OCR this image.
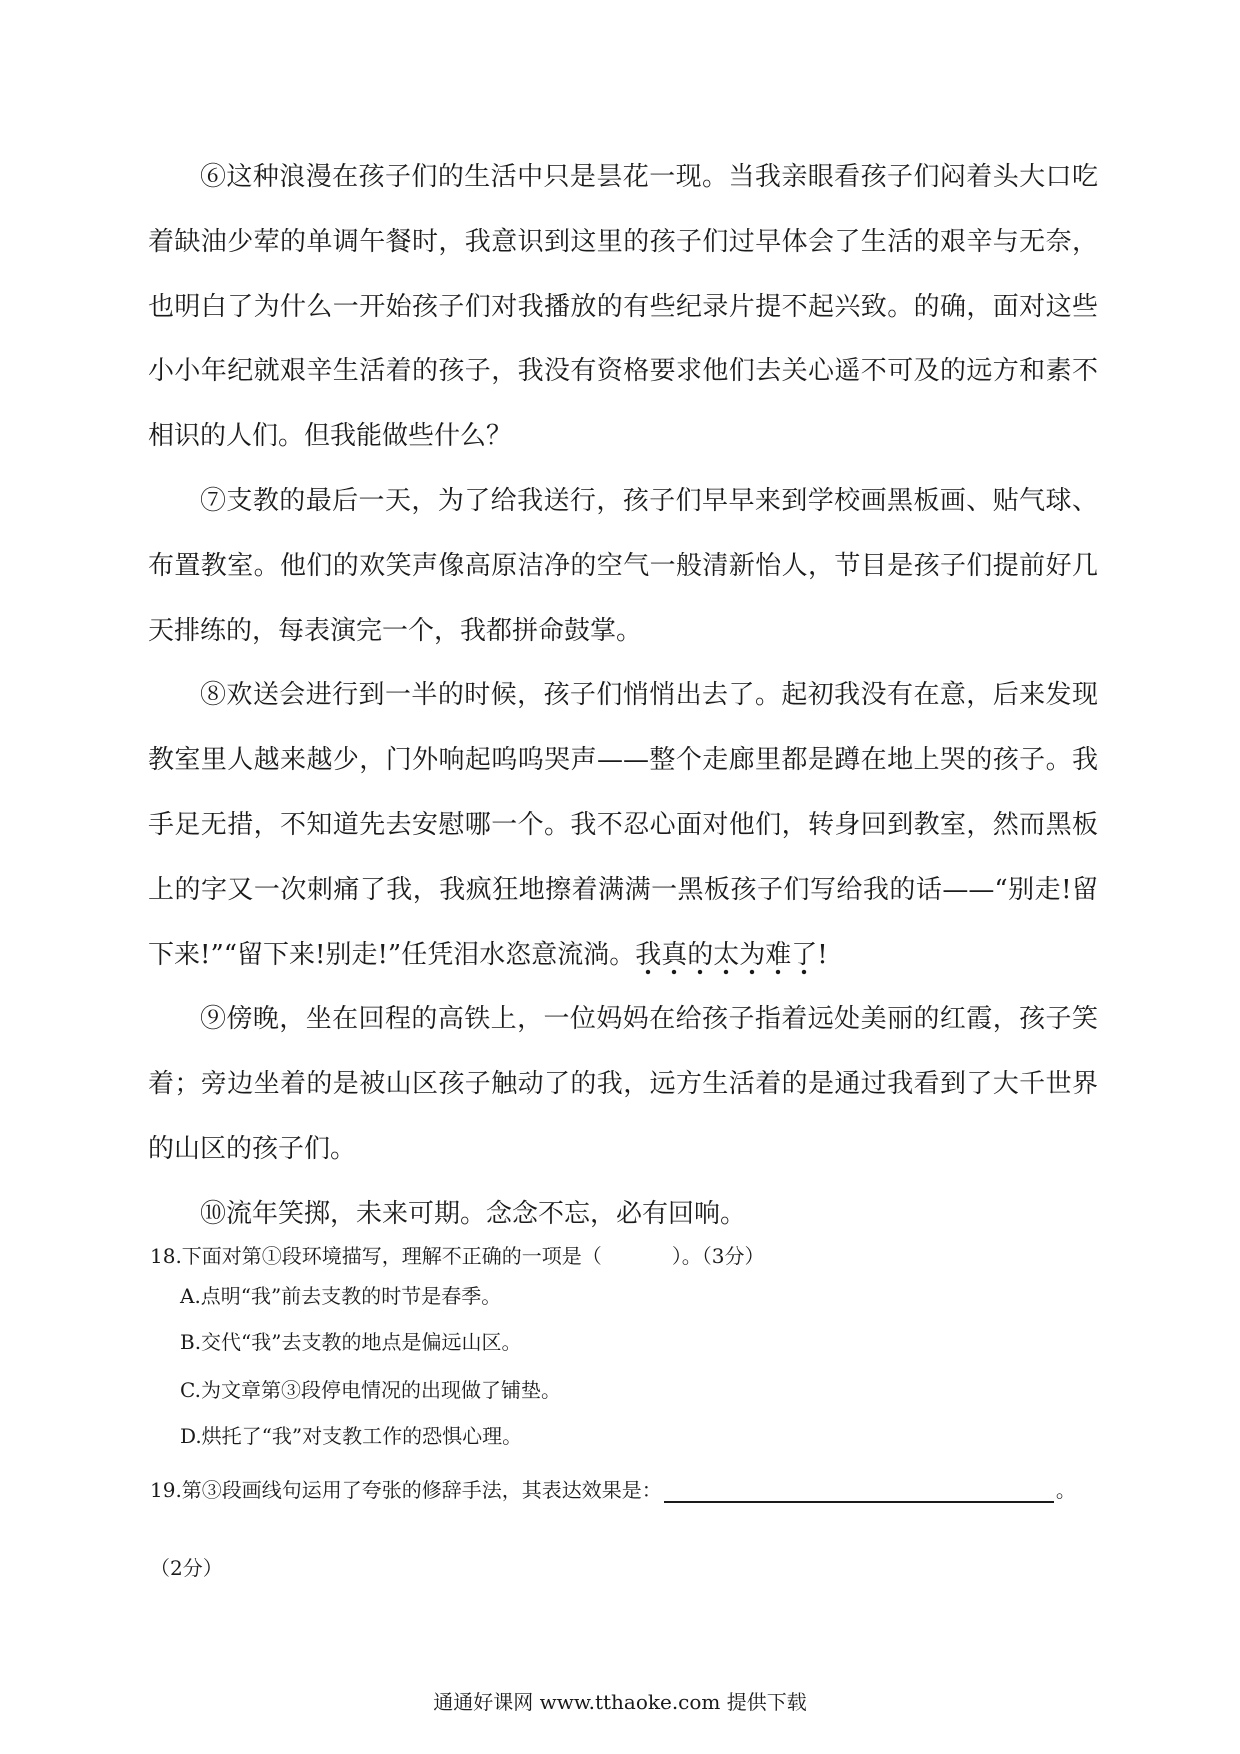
⑥这种浪漫在孩子们的生活中只是昙花一现。当我亲眼看孩子们闷着头大口吃着缺油少荤的单调午餐时，我意识到这里的孩子们过早体会了生活的艰辛与无奈，也明白了为什么一开始孩子们对我播放的有些纪录片提不起兴致。的确，面对这些小小年纪就艰辛生活着的孩子，我没有资格要求他们去关心遥不可及的远方和素不相识的人们。但我能做些什么？

⑦支教的最后一天，为了给我送行，孩子们早早来到学校画黑板画、贴气球、布置教室。他们的欢笑声像高原洁净的空气一般清新怡人，节目是孩子们提前好几天排练的，每表演完一个，我都拼命鼓掌。

⑧欢送会进行到一半的时候，孩子们悄悄出去了。起初我没有在意，后来发现教室里人越来越少，门外响起呜呜哭声——整个走廊里都是蹲在地上哭的孩子。我手足无措，不知道先去安慰哪一个。我不忍心面对他们，转身回到教室，然而黑板上的字又一次刺痛了我，我疯狂地擦着满满一黑板孩子们写给我的话——“别走!留下来!”“留下来!别走!”任凭泪水恣意流淌。我真的太为难了!

⑨傍晚，坐在回程的高铁上，一位妈妈在给孩子指着远处美丽的红霞，孩子笑着；旁边坐着的是被山区孩子触动了的我，远方生活着的是通过我看到了大千世界的山区的孩子们。

⑩流年笑掷，未来可期。念念不忘，必有回响。

18.下面对第①段环境描写，理解不正确的一项是（	）。（3分）
A.点明“我”前去支教的时节是春季。
B.交代“我”去支教的地点是偏远山区。
C.为文章第③段停电情况的出现做了铺垫。
D.烘托了“我”对支教工作的恐惧心理。
19.第③段画线句运用了夸张的修辞手法，其表达效果是：	。
（2分）
通通好课网 www.tthaoke.com 提供下载
